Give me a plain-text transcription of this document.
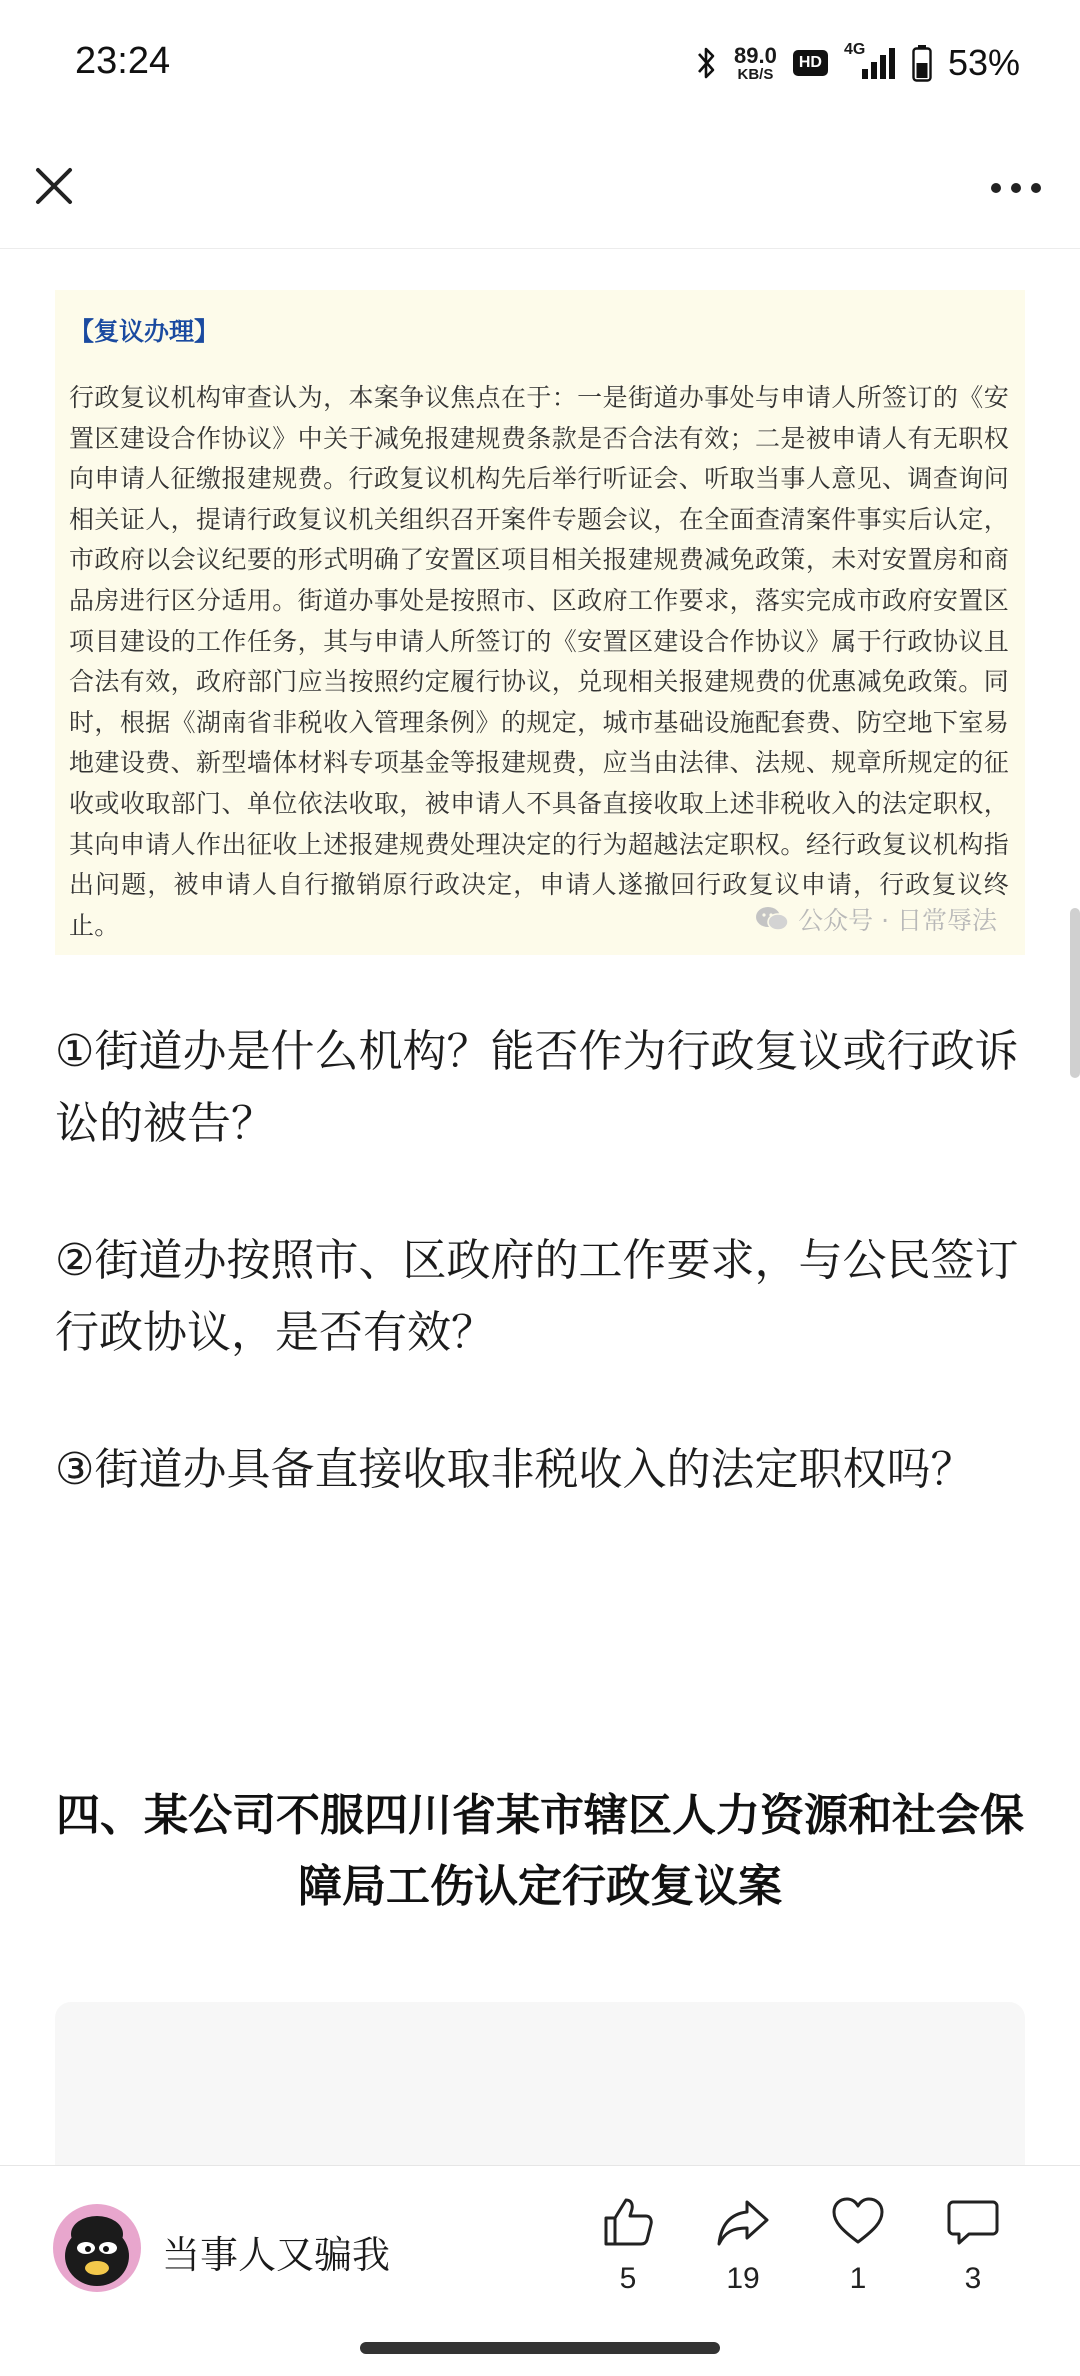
23:24	89.0
KB/S
HD
4G 53%
【复议办理】
行政复议机构审查认为，本案争议焦点在于：一是街道办事处与申请人所签订的《安置区建设合作协议》中关于减免报建规费条款是否合法有效；二是被申请人有无职权向申请人征缴报建规费。行政复议机构先后举行听证会、听取当事人意见、调查询问相关证人，提请行政复议机关组织召开案件专题会议，在全面查清案件事实后认定，市政府以会议纪要的形式明确了安置区项目相关报建规费减免政策，未对安置房和商品房进行区分适用。街道办事处是按照市、区政府工作要求，落实完成市政府安置区项目建设的工作任务，其与申请人所签订的《安置区建设合作协议》属于行政协议且合法有效，政府部门应当按照约定履行协议，兑现相关报建规费的优惠减免政策。同时，根据《湖南省非税收入管理条例》的规定，城市基础设施配套费、防空地下室易地建设费、新型墙体材料专项基金等报建规费，应当由法律、法规、规章所规定的征收或收取部门、单位依法收取，被申请人不具备直接收取上述非税收入的法定职权，其向申请人作出征收上述报建规费处理决定的行为超越法定职权。经行政复议机构指出问题，被申请人自行撤销原行政决定，申请人遂撤回行政复议申请，行政复议终止。	公众号 · 日常辱法
①街道办是什么机构？能否作为行政复议或行政诉讼的被告？
②街道办按照市、区政府的工作要求，与公民签订行政协议，是否有效？
③街道办具备直接收取非税收入的法定职权吗？
四、某公司不服四川省某市辖区人力资源和社会保障局工伤认定行政复议案
当事人又骗我
5	19	1	3
